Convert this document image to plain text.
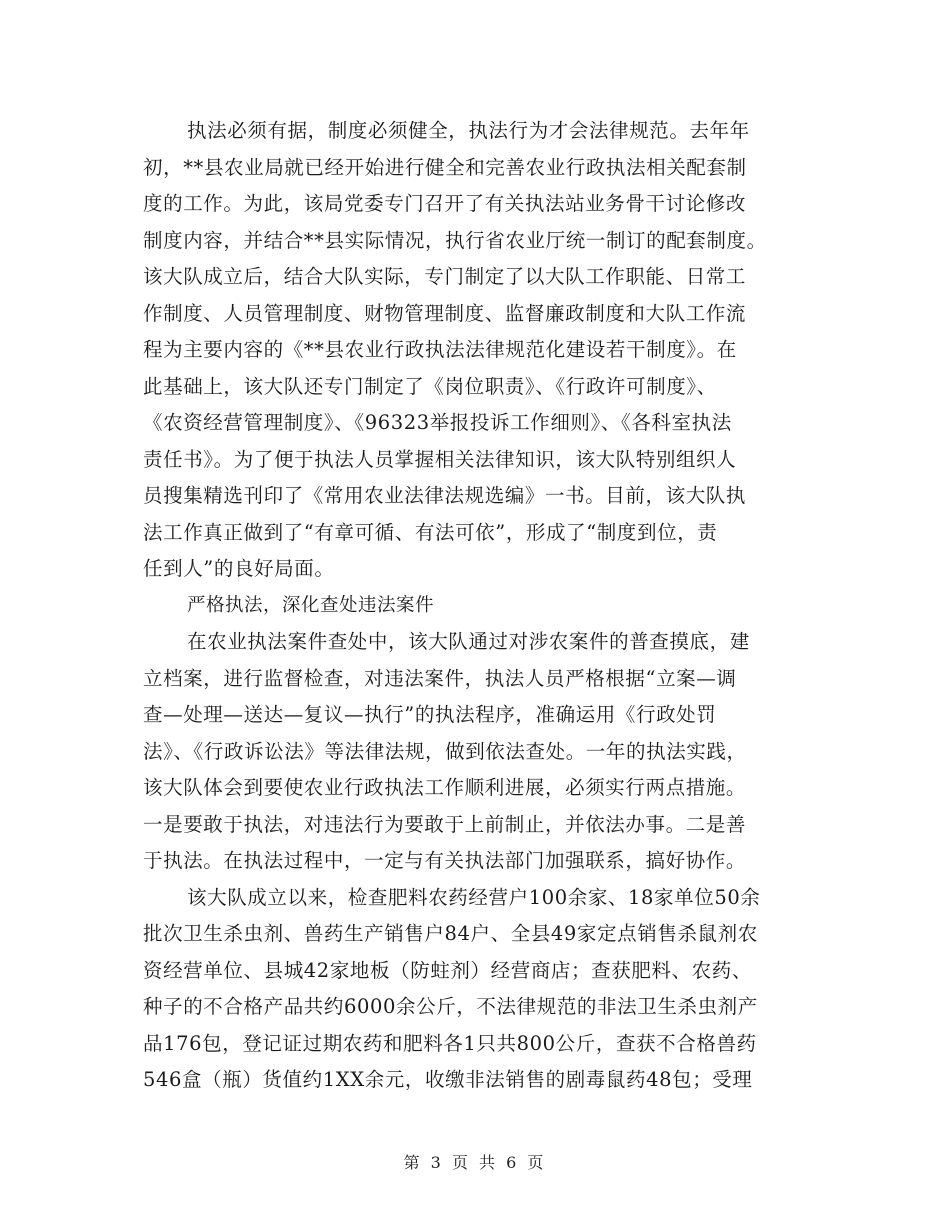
执法必须有据，制度必须健全，执法行为才会法律规范。去年年
初，**县农业局就已经开始进行健全和完善农业行政执法相关配套制
度的工作。为此，该局党委专门召开了有关执法站业务骨干讨论修改
制度内容，并结合**县实际情况，执行省农业厅统一制订的配套制度。
该大队成立后，结合大队实际，专门制定了以大队工作职能、日常工
作制度、人员管理制度、财物管理制度、监督廉政制度和大队工作流
程为主要内容的《**县农业行政执法法律规范化建设若干制度》。在
此基础上，该大队还专门制定了《岗位职责》、《行政许可制度》、
《农资经营管理制度》、《96323举报投诉工作细则》、《各科室执法
责任书》。为了便于执法人员掌握相关法律知识，该大队特别组织人
员搜集精选刊印了《常用农业法律法规选编》一书。目前，该大队执
法工作真正做到了“有章可循、有法可依”，形成了“制度到位，责
任到人”的良好局面。

严格执法，深化查处违法案件

在农业执法案件查处中，该大队通过对涉农案件的普查摸底，建
立档案，进行监督检查，对违法案件，执法人员严格根据“立案—调
查—处理—送达—复议—执行”的执法程序，准确运用《行政处罚
法》、《行政诉讼法》等法律法规，做到依法查处。一年的执法实践，
该大队体会到要使农业行政执法工作顺利进展，必须实行两点措施。
一是要敢于执法，对违法行为要敢于上前制止，并依法办事。二是善
于执法。在执法过程中，一定与有关执法部门加强联系，搞好协作。

该大队成立以来，检查肥料农药经营户100余家、18家单位50余
批次卫生杀虫剂、兽药生产销售户84户、全县49家定点销售杀鼠剂农
资经营单位、县城42家地板（防蛀剂）经营商店；查获肥料、农药、
种子的不合格产品共约6000余公斤，不法律规范的非法卫生杀虫剂产
品176包，登记证过期农药和肥料各1只共800公斤，查获不合格兽药
546盒（瓶）货值约1XX余元，收缴非法销售的剧毒鼠药48包；受理

第 3 页 共 6 页
